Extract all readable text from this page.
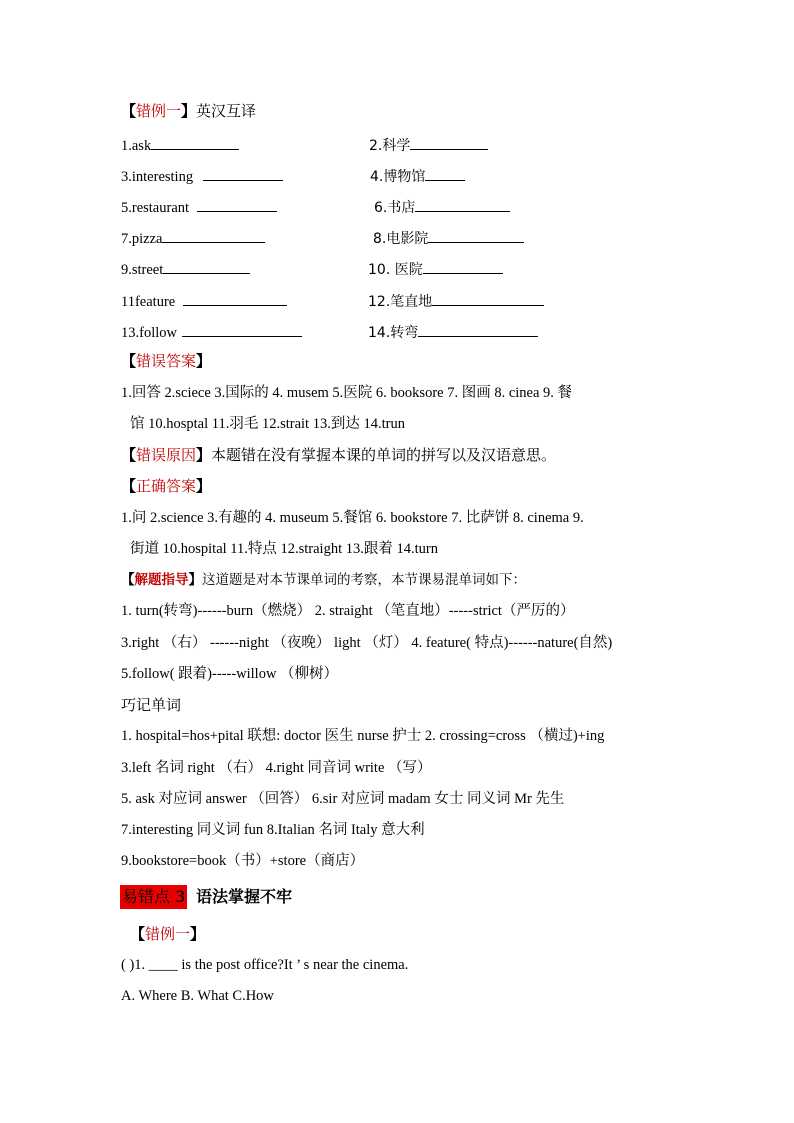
【错例一】英汉互译
1.ask
3.interesting
5.restaurant
7.pizza
9.street
11feature
13.follow
2.科学
4.博物馆
6.书店
8.电影院
10. 医院
12.笔直地
14.转弯
【错误答案】
1.回答 2.sciece 3.国际的 4. musem 5.医院 6. booksore 7. 图画 8. cinea 9. 餐
馆 10.hosptal 11.羽毛 12.strait 13.到达 14.trun
【错误原因】本题错在没有掌握本课的单词的拼写以及汉语意思。
【正确答案】
1.问 2.science 3.有趣的 4. museum 5.餐馆 6. bookstore 7. 比萨饼 8. cinema 9.
街道 10.hospital 11.特点 12.straight 13.跟着 14.turn
【解题指导】这道题是对本节课单词的考察，本节课易混单词如下：
1. turn(转弯)------burn（燃烧） 2. straight （笔直地）-----strict（严厉的）
3.right （右） ------night （夜晚） light （灯） 4. feature( 特点)------nature(自然)
5.follow( 跟着)-----willow （柳树）
巧记单词
1. hospital=hos+pital 联想: doctor 医生 nurse 护士 2. crossing=cross （横过)+ing
3.left 名词 right （右） 4.right 同音词 write （写）
5. ask 对应词 answer （回答） 6.sir 对应词 madam 女士 同义词 Mr 先生
7.interesting 同义词 fun 8.Italian 名词 Italy 意大利
9.bookstore=book（书）+store（商店）
易错点 3 语法掌握不牢
【错例一】
( )1. ____ is the post office?It ’ s near the cinema.
A. Where B. What C.How
